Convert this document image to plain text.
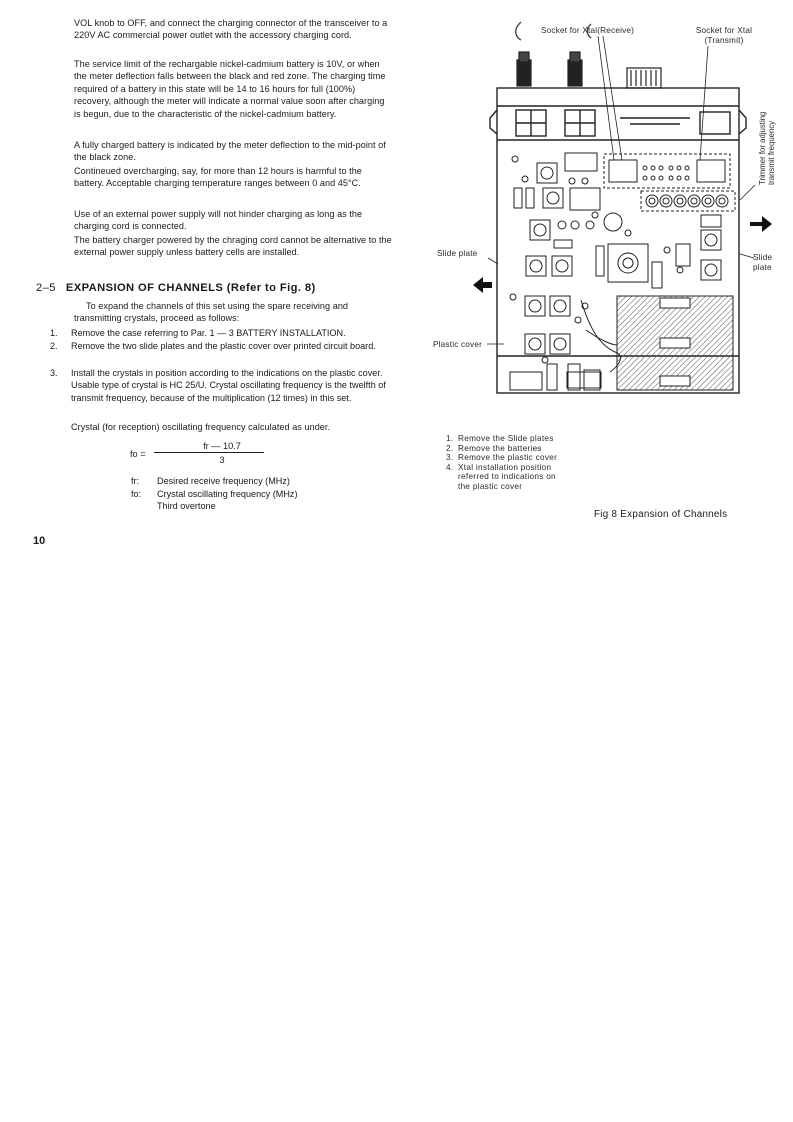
VOL knob to OFF, and connect the charging connector of the transceiver to a 220V AC commercial power outlet with the accessory charging cord.

The service limit of the rechargable nickel-cadmium battery is 10V, or when the meter deflection falls between the black and red zone. The charging time required of a battery in this state will be 14 to 16 hours for full (100%) recovery, although the meter will indicate a normal value soon after charging is begun, due to the characteristic of the nickel-cadmium battery.

A fully charged battery is indicated by the meter deflection to the mid-point of the black zone.

Contineued overcharging, say, for more than 12 hours is harmful to the battery. Acceptable charging temperature ranges between 0 and 45°C.

Use of an external power supply will not hinder charging as long as the charging cord is connected.

The battery charger powered by the chraging cord cannot be alternative to the external power supply unless battery cells are installed.

2–5 EXPANSION OF CHANNELS (Refer to Fig. 8)

To expand the channels of this set using the spare receiving and transmitting crystals, proceed as follows:

1. Remove the case referring to Par. 1 — 3 BATTERY INSTALLATION.
2. Remove the two slide plates and the plastic cover over printed circuit board.
3. Install the crystals in position according to the indications on the plastic cover. Usable type of crystal is HC 25/U. Crystal oscillating frequency is the twelfth of transmit frequency, because of the multiplication (12 times) in this set.

Crystal (for reception) oscillating frequency calculated as under.

fo =
fr — 10.7
3
fr: Desired receive frequency (MHz)
fo: Crystal oscillating frequency (MHz)
Third overtone
10
Socket for Xtal(Receive)	Socket for Xtal
(Transmit)
Trimmer for adjusting transmit frequency
Slide plate	Slide
plate
Plastic cover
1. Remove the Slide plates
2. Remove the batteries
3. Remove the plastic cover
4. Xtal installation position
referred to indications on
the plastic cover
Fig 8 Expansion of Channels
